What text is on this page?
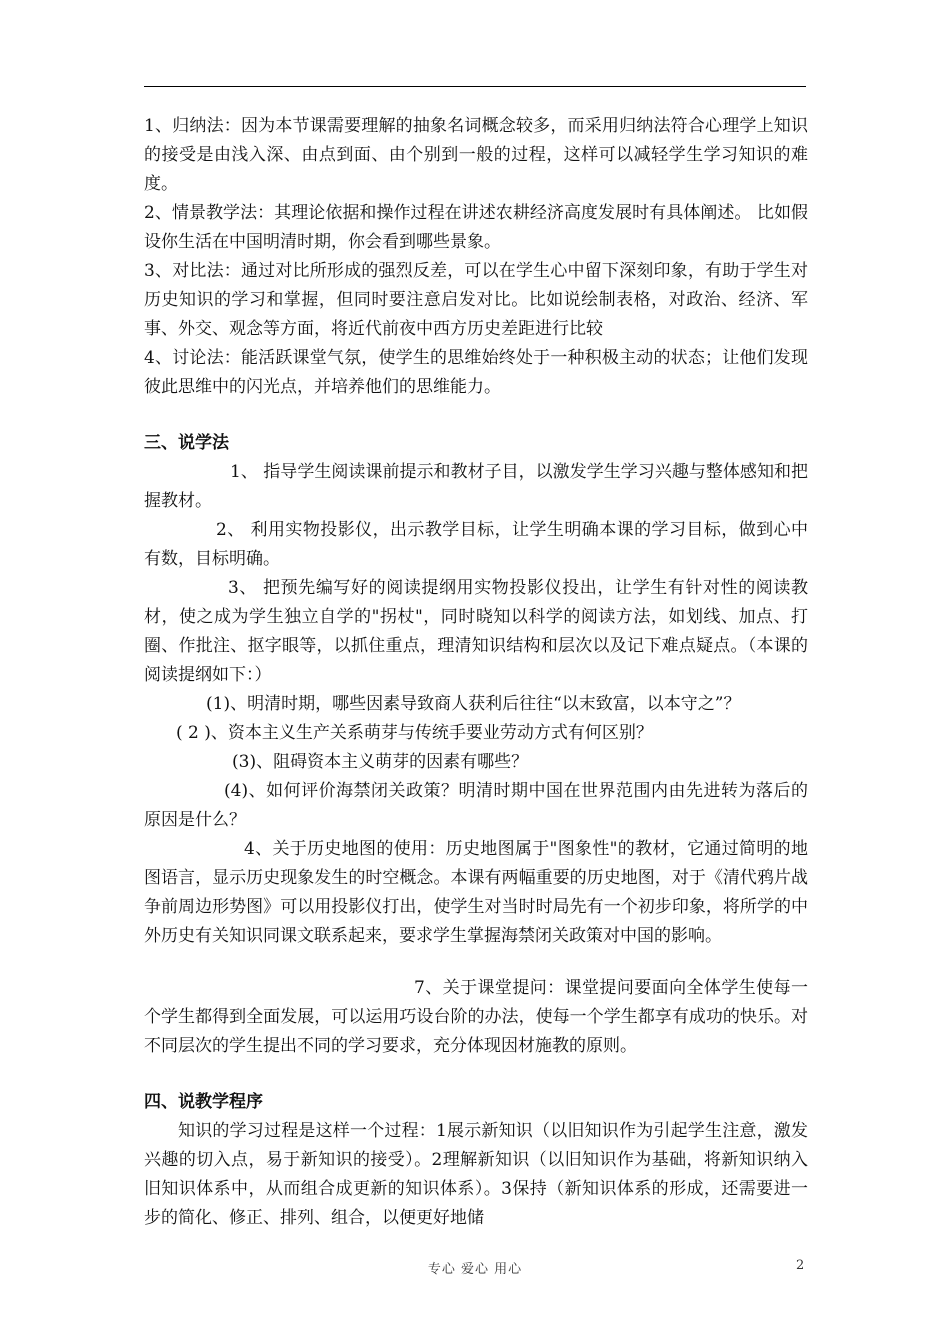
1、归纳法：因为本节课需要理解的抽象名词概念较多，而采用归纳法符合心理学上知识的接受是由浅入深、由点到面、由个别到一般的过程，这样可以减轻学生学习知识的难度。

2、情景教学法：其理论依据和操作过程在讲述农耕经济高度发展时有具体阐述。 比如假设你生活在中国明清时期，你会看到哪些景象。

3、对比法：通过对比所形成的强烈反差，可以在学生心中留下深刻印象，有助于学生对历史知识的学习和掌握，但同时要注意启发对比。比如说绘制表格，对政治、经济、军事、外交、观念等方面，将近代前夜中西方历史差距进行比较

4、讨论法：能活跃课堂气氛，使学生的思维始终处于一种积极主动的状态；让他们发现彼此思维中的闪光点，并培养他们的思维能力。

三、说学法

1、 指导学生阅读课前提示和教材子目，以激发学生学习兴趣与整体感知和把握教材。

2、 利用实物投影仪，出示教学目标，让学生明确本课的学习目标，做到心中有数，目标明确。

3、 把预先编写好的阅读提纲用实物投影仪投出，让学生有针对性的阅读教材，使之成为学生独立自学的"拐杖"，同时晓知以科学的阅读方法，如划线、加点、打圈、作批注、抠字眼等，以抓住重点，理清知识结构和层次以及记下难点疑点。（本课的阅读提纲如下：）

(1)、明清时期，哪些因素导致商人获利后往往“以末致富，以本守之”？

( 2 )、资本主义生产关系萌芽与传统手要业劳动方式有何区别？

(3)、阻碍资本主义萌芽的因素有哪些？

(4)、如何评价海禁闭关政策？明清时期中国在世界范围内由先进转为落后的原因是什么？

4、关于历史地图的使用：历史地图属于"图象性"的教材，它通过简明的地图语言，显示历史现象发生的时空概念。本课有两幅重要的历史地图，对于《清代鸦片战争前周边形势图》可以用投影仪打出，使学生对当时时局先有一个初步印象，将所学的中外历史有关知识同课文联系起来，要求学生掌握海禁闭关政策对中国的影响。

7、关于课堂提问：课堂提问要面向全体学生使每一个学生都得到全面发展，可以运用巧设台阶的办法，使每一个学生都享有成功的快乐。对不同层次的学生提出不同的学习要求，充分体现因材施教的原则。

四、说教学程序

知识的学习过程是这样一个过程：1展示新知识（以旧知识作为引起学生注意，激发兴趣的切入点，易于新知识的接受）。2理解新知识（以旧知识作为基础，将新知识纳入旧知识体系中，从而组合成更新的知识体系）。3保持（新知识体系的形成，还需要进一步的简化、修正、排列、组合，以便更好地储

专心 爱心 用心	2
